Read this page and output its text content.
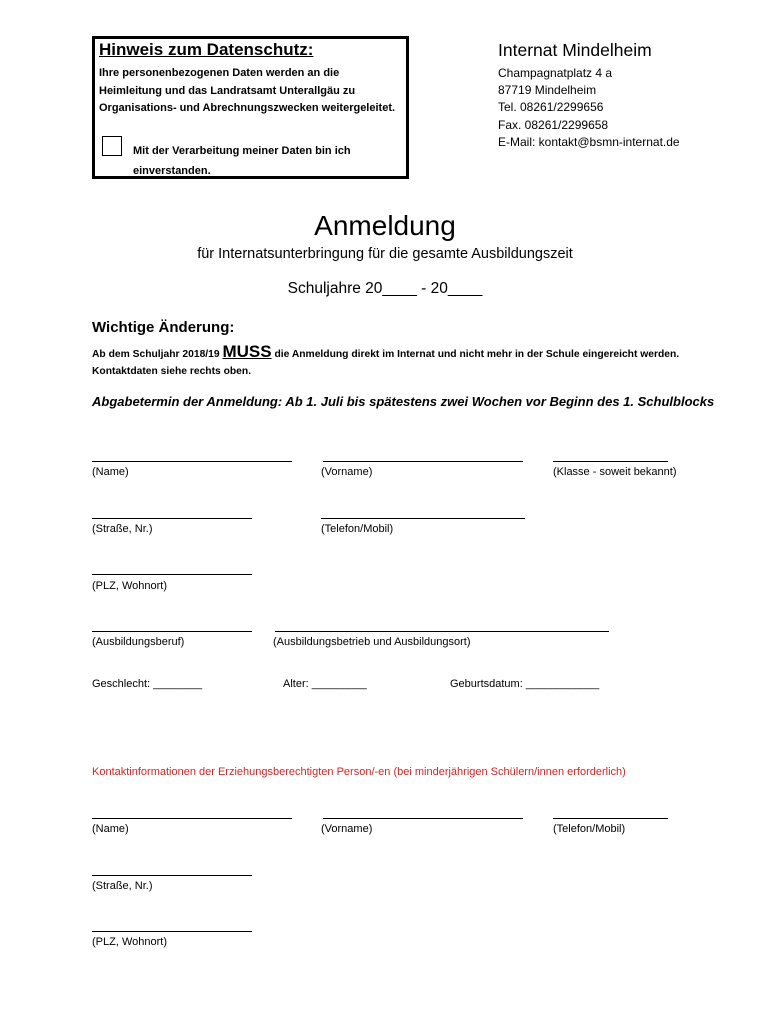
Hinweis zum Datenschutz:
Ihre personenbezogenen Daten werden an die Heimleitung und das Landratsamt Unterallgäu zu Organisations- und Abrechnungszwecken weitergeleitet.
Mit der Verarbeitung meiner Daten bin ich einverstanden.
Internat Mindelheim
Champagnatplatz 4 a
87719 Mindelheim
Tel. 08261/2299656
Fax. 08261/2299658
E-Mail: kontakt@bsmn-internat.de
Anmeldung
für Internatsunterbringung für die gesamte Ausbildungszeit
Schuljahre 20____ - 20____
Wichtige Änderung:
Ab dem Schuljahr 2018/19 MUSS die Anmeldung direkt im Internat und nicht mehr in der Schule eingereicht werden. Kontaktdaten siehe rechts oben.
Abgabetermin der Anmeldung: Ab 1. Juli bis spätestens zwei Wochen vor Beginn des 1. Schulblocks
(Name)	(Vorname)	(Klasse - soweit bekannt)
(Straße, Nr.)	(Telefon/Mobil)
(PLZ, Wohnort)
(Ausbildungsberuf)	(Ausbildungsbetrieb und Ausbildungsort)
Geschlecht: ________	Alter: _________	Geburtsdatum: ____________
Kontaktinformationen der Erziehungsberechtigten Person/-en (bei minderjährigen Schülern/innen erforderlich)
(Name)	(Vorname)	(Telefon/Mobil)
(Straße, Nr.)
(PLZ, Wohnort)
